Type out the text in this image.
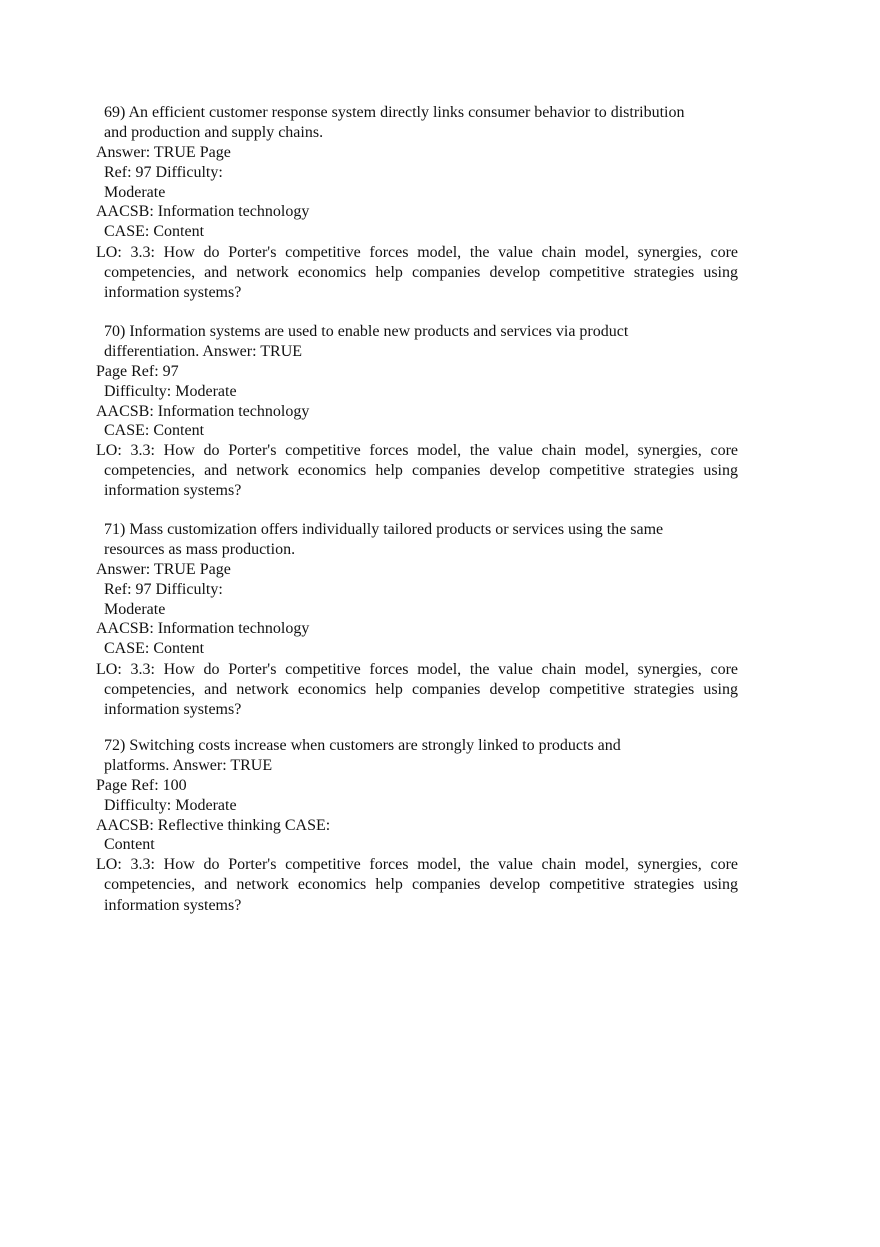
69) An efficient customer response system directly links consumer behavior to distribution
and production and supply chains.
Answer: TRUE Page
Ref: 97 Difficulty:
Moderate
AACSB: Information technology
CASE: Content
LO: 3.3: How do Porter's competitive forces model, the value chain model, synergies, core
competencies, and network economics help companies develop competitive strategies using
information systems?
70) Information systems are used to enable new products and services via product
differentiation. Answer: TRUE
Page Ref: 97
Difficulty: Moderate
AACSB: Information technology
CASE: Content
LO: 3.3: How do Porter's competitive forces model, the value chain model, synergies, core
competencies, and network economics help companies develop competitive strategies using
information systems?
71) Mass customization offers individually tailored products or services using the same
resources as mass production.
Answer: TRUE Page
Ref: 97 Difficulty:
Moderate
AACSB: Information technology
CASE: Content
LO: 3.3: How do Porter's competitive forces model, the value chain model, synergies, core
competencies, and network economics help companies develop competitive strategies using
information systems?
72) Switching costs increase when customers are strongly linked to products and
platforms. Answer: TRUE
Page Ref: 100
Difficulty: Moderate
AACSB: Reflective thinking CASE:
Content
LO: 3.3: How do Porter's competitive forces model, the value chain model, synergies, core
competencies, and network economics help companies develop competitive strategies using
information systems?
